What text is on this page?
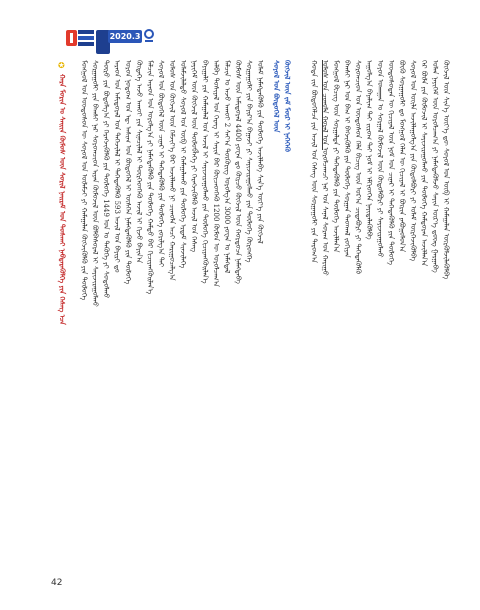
2020.3
✪
ᠬᠠᠷᠠ ᠮᠣᠷᠢᠨ ᠤ ᠰᠠᠢᠢᠨ ᠬᠦᠮᠦᠰ ᠦᠨ ᠰᠣᠷᠢᠯ ᠨᠠᠢᠷᠠᠮ ᠤᠨ ᠲᠤᠰᠬᠠᠢ ᠨᠡᠪᠲᠡᠷᠡᠭᠦᠯᠭᠡ ᠶᠢᠨ ᠬᠡᠰᠡᠭ ᠡᠴᠡ ᠮᠣᠩᠭᠣᠯ ᠤᠨ ᠦᠨᠳᠦᠰᠦᠨ ᠦ ᠰᠣᠶᠣᠯ ᠤᠨ ᠦᠯᠡᠮᠵᠢ ᠶᠢ ᠬᠠᠮᠠᠭᠠᠯᠠᠨ ᠬᠥᠭᠵᠢᠭᠦᠯᠬᠦ ᠶᠢᠨ ᠲᠥᠯᠥᠭᠡ ᠰᠤᠷᠭᠠᠭᠤᠯᠢ ᠶᠢᠨ ᠪᠠᠭᠰᠢ ᠨᠠᠷ ᠰᠤᠷᠤᠭᠴᠢᠳ ᠢᠶᠡᠨ ᠬᠦᠮᠦᠵᠢᠯ ᠦᠨ ᠪᠣᠯᠪᠠᠰᠤᠷᠠᠯ ᠢ ᠰᠠᠶᠢᠵᠢᠷᠠᠭᠤᠯᠬᠤ ᠲᠥᠷᠥ ᠶᠢᠨ ᠪᠣᠳᠣᠯᠭ᠎ᠠ ᠶᠢ ᠬᠡᠷᠡᠭᠵᠢᠭᠦᠯᠬᠦ ᠶᠢᠨ ᠲᠥᠯᠥᠭᠡ 1449 ᠣᠨ ᠤ ᠲᠡᠭᠦᠬᠡ ᠶᠢ ᠰᠤᠳᠤᠯᠬᠤ ᠠᠷᠠᠳ ᠤᠨ ᠠᠮᠢᠳᠤᠷᠠᠯ ᠤᠨ ᠳᠡᠭᠡᠵᠢᠯᠡᠯ ᠢ ᠳᠡᠭᠡᠳᠡᠭᠦᠯᠬᠦ 593 ᠠᠵᠢᠯ ᠤᠨ ᠪᠠᠶᠢᠷᠢ ᠳᠤ ᠣᠷᠣᠨ ᠨᠤᠲᠤᠭ ᠤᠨ ᠡᠳ᠋ ᠠᠰᠢᠭ ᠤᠨ ᠪᠦᠲᠦᠭᠡᠯ ᠢ ᠥᠰᠭᠡᠨ ᠨᠡᠮᠡᠭᠳᠡᠭᠦᠯᠬᠦ ᠶᠢᠨ ᠲᠥᠯᠥᠭᠡ ᠬᠥᠳᠡᠭᠡ ᠠᠵᠤ ᠠᠬᠤᠢ ᠶᠢᠨ ᠰᠢᠨᠡᠴᠢᠯᠡᠯ ᠢ ᠲᠦᠷᠭᠡᠳᠬᠡᠬᠦ ᠠᠵᠢᠯ ᠢ ᠬᠢᠵᠦ ᠪᠠᠶᠢᠨ᠎ᠠ ᠮᠠᠯᠴᠢᠨ ᠠᠷᠠᠳ ᠤᠨ ᠣᠷᠣᠯᠭ᠎ᠠ ᠶᠢ ᠨᠡᠮᠡᠭᠳᠡᠭᠦᠯᠬᠦ ᠶᠢᠨ ᠲᠥᠯᠥᠭᠡ ᠬᠠᠮᠲᠤ ᠪᠡᠷ ᠬᠢᠴᠢᠶᠡᠩᠭᠦᠢᠯᠡᠨ᠎ᠡ ᠰᠣᠶᠣᠯ ᠤᠨ ᠪᠦᠲᠦᠭᠡᠯ ᠦᠨ ᠴᠢᠨᠠᠷ ᠢ ᠳᠡᠭᠡᠳᠡᠭᠦᠯᠬᠦ ᠶᠢᠨ ᠲᠥᠯᠥᠭᠡ ᠵᠣᠷᠢᠯᠭ᠎ᠠ ᠲᠠᠢ ᠤᠯᠤᠰ ᠤᠨ ᠬᠥᠭᠵᠢᠯ ᠦᠨ ᠬᠡᠮᠵᠢᠶ᠎ᠡ ᠪᠡᠷ ᠠᠵᠢᠯᠯᠠᠬᠤ ᠨᠢ ᠴᠢᠬᠤᠯᠠ ᠠᠴᠢ ᠬᠠᠷᠢᠭᠤᠴᠠᠯᠭ᠎ᠠ ᠤᠯᠠᠮᠵᠢᠯᠠᠯᠲᠤ ᠰᠣᠶᠣᠯ ᠤᠨ ᠥᠪ ᠢ ᠬᠠᠮᠠᠭᠠᠯᠠᠬᠤ ᠶᠢᠨ ᠲᠥᠯᠥᠭᠡ ᠡᠷᠳᠡᠮ ᠰᠢᠨᠵᠢᠯᠡᠭᠡ ᠨᠡᠶᠢᠭᠡᠮ ᠦᠨ ᠬᠥᠭᠵᠢᠯ ᠦᠨ ᠲᠥᠯᠥᠪᠯᠡᠭᠡ ᠶᠢ ᠬᠡᠷᠡᠭᠵᠢᠭᠦᠯᠬᠦ ᠠᠵᠢᠯ ᠤᠨ ᠬᠡᠰᠡᠭ ᠪᠠᠶᠢᠭᠠᠯᠢ ᠶᠢᠨ ᠬᠠᠮᠠᠭᠠᠯᠠᠯ ᠤᠨ ᠠᠵᠢᠯ ᠢ ᠰᠠᠶᠢᠵᠢᠷᠠᠭᠤᠯᠬᠤ ᠶᠢᠨ ᠲᠥᠯᠥᠭᠡ ᠬᠢᠴᠢᠶᠡᠩᠭᠦᠢᠯᠡᠨ᠎ᠡ ᠠᠯᠪᠠ ᠲᠤᠰᠢᠶᠠᠯ ᠤᠨ ᠬᠡᠷᠡᠭ ᠢ ᠰᠠᠶᠢᠨ ᠪᠡᠷ ᠬᠦᠢᠴᠡᠳᠭᠡᠬᠦ 1200 ᠬᠦᠮᠦᠨ ᠦ ᠣᠷᠣᠯᠴᠠᠭ᠎ᠠ ᠮᠠᠯᠴᠢᠨ ᠤ ᠠᠵᠤ ᠠᠬᠤᠢ 2 ᠰᠠᠶ᠎ᠠ ᠲᠥᠭᠦᠷᠢᠭ ᠣᠷᠣᠯᠭ᠎ᠠ 3000 ᠶᠤᠸᠠᠨ ᠤ ᠨᠡᠮᠡᠭᠳᠡᠯ ᠬᠦᠮᠦᠰ ᠦᠨ ᠠᠮᠢᠳᠤᠷᠠᠯ 4400 ᠶᠤᠸᠠᠨ ᠳᠤ ᠬᠦᠷᠴᠦ ᠬᠥᠭᠵᠢᠯ ᠦᠨ ᠬᠤᠷᠳᠤᠴᠠ ᠨᠡᠮᠡᠭᠳᠡᠪᠡ ᠰᠤᠷᠭᠠᠭᠤᠯᠢ ᠶᠢᠨ ᠪᠠᠶᠢᠷ᠎ᠠ ᠪᠠᠭᠠᠵᠢ ᠶᠢ ᠰᠠᠶᠢᠵᠢᠷᠠᠭᠤᠯᠬᠤ ᠶᠢᠨ ᠲᠥᠯᠥᠭᠡ ᠬᠥᠷᠥᠩᠭᠡ ᠤᠯᠠᠮ ᠨᠡᠮᠡᠭᠳᠡᠭᠦᠯᠬᠦ ᠶᠢᠨ ᠲᠥᠯᠥᠭᠡ ᠠᠵᠢᠯᠯᠠᠪᠠ ᠰᠢᠨ᠎ᠡ ᠦᠶ᠎ᠡ ᠶᠢᠨ ᠬᠥᠭᠵᠢᠯ ᠰᠣᠶᠣᠯ ᠤᠨ ᠪᠦᠲᠦᠭᠡᠯ ᠦᠨ ᠬᠥᠭᠵᠢᠯ ᠦᠨ ᠵᠠᠮ ᠮᠥᠷ ᠢ ᠨᠡᠭᠡᠭᠡᠬᠦ	ᠬᠣᠲᠠ ᠵᠢᠨ ᠪᠦᠲᠦᠭᠡᠯᠴᠡ ᠶᠢᠨ ᠠᠵᠢᠯ ᠤᠨ ᠬᠡᠰᠡᠭ ᠦᠨ ᠰᠤᠷᠭᠠᠭᠤᠯᠢ ᠶᠢᠨ ᠳᠠᠷᠤᠭ᠎ᠠ ᠤᠯᠤᠰ ᠤᠨ ᠴᠢᠬᠤᠯᠠ ᠬᠤᠷᠠᠯ ᠤᠨ ᠣᠷᠣᠯᠴᠠᠭᠴᠢ ᠨᠠᠷ ᠤᠨ ᠰᠠᠨᠠᠯ ᠰᠤᠷᠠᠭ ᠤᠨ ᠬᠠᠷᠢᠭᠤ ᠮᠣᠩᠭᠣᠯ ᠪᠢᠴᠢᠭ ᠦᠨ ᠰᠤᠷᠭᠠᠯᠲᠠ ᠶᠢ ᠳᠡᠭᠡᠳᠡᠭᠦᠯᠬᠦ ᠶᠢᠨ ᠲᠥᠯᠥᠭᠡ ᠠᠵᠢᠯᠯᠠᠨ᠎ᠠ ᠪᠠᠭᠰᠢ ᠨᠠᠷ ᠤᠨ ᠪᠠᠭ ᠢ ᠪᠡᠬᠵᠢᠭᠦᠯᠬᠦ ᠶᠢᠨ ᠲᠥᠯᠥᠭᠡ ᠰᠤᠷᠭᠠᠨ ᠳᠠᠳᠬᠠᠯ ᠵᠣᠬᠢᠶᠠᠨ ᠰᠤᠷᠤᠭᠴᠢᠳ ᠤᠨ ᠦᠨᠳᠦᠰᠦᠨ ᠬᠡᠯᠡ ᠪᠢᠴᠢᠭ ᠦᠨ ᠤᠷ᠎ᠠ ᠴᠢᠳᠠᠪᠤᠷᠢ ᠶᠢ ᠳᠡᠭᠡᠳᠡᠭᠦᠯᠬᠦ ᠠᠭᠤᠯᠭ᠎ᠠ ᠪᠠᠶᠠᠯᠢᠭ ᠲᠠᠢ ᠵᠢᠷᠤᠭ ᠲᠠᠢ ᠨᠣᠮ ᠢ ᠡᠮᠬᠢᠳᠬᠡᠨ ᠨᠡᠶᠢᠲᠡᠯᠡᠭᠦᠯᠪᠡ ᠣᠶᠤᠨ ᠤᠬᠠᠭᠠᠨ ᠤ ᠰᠤᠷᠭᠠᠯ ᠬᠦᠮᠦᠵᠢᠯ ᠦᠨ ᠬᠥᠲᠦᠯᠪᠦᠷᠢ ᠶᠢ ᠰᠠᠶᠢᠵᠢᠷᠠᠭᠤᠯᠬᠤ ᠦᠨᠳᠦᠰᠦᠲᠡᠨ ᠦ ᠬᠢᠴᠢᠶᠡᠯ ᠦᠨ ᠨᠣᠮ ᠤᠨ ᠴᠢᠨᠠᠷ ᠢ ᠳᠡᠭᠡᠳᠡᠭᠦᠯᠬᠦ ᠶᠢᠨ ᠲᠥᠯᠥᠭᠡ ᠪᠦᠬᠦ ᠰᠤᠷᠭᠠᠭᠤᠯᠢ ᠳᠤ ᠮᠣᠩᠭᠣᠯ ᠬᠡᠯᠡᠨ ᠦ ᠬᠢᠴᠢᠶᠡᠯ ᠢ ᠪᠦᠷᠢᠨ ᠶᠠᠪᠤᠭᠤᠯᠤᠨ᠎ᠠ ᠰᠣᠶᠣᠯ ᠤᠨ ᠦᠢᠯᠡ ᠠᠵᠢᠯᠯᠠᠭᠤᠯᠭ᠎ᠠ ᠶᠢᠨ ᠬᠥᠲᠦᠯᠪᠦᠷᠢ ᠶᠢ ᠤᠯᠠᠮ ᠥᠷᠭᠡᠵᠢᠭᠦᠯᠪᠡ ᠭᠡᠷ ᠪᠦᠯᠡ ᠶᠢᠨ ᠬᠦᠮᠦᠵᠢᠯ ᠢ ᠰᠠᠶᠢᠵᠢᠷᠠᠭᠤᠯᠬᠤ ᠶᠢᠨ ᠲᠥᠯᠥᠭᠡ ᠬᠠᠮᠲᠤᠷᠠᠨ ᠠᠵᠢᠯᠯᠠᠨ᠎ᠠ ᠣᠯᠠᠨ ᠨᠡᠶᠢᠭᠡᠮ ᠦᠨ ᠣᠷᠣᠯᠴᠠᠭ᠎ᠠ ᠶᠢ ᠨᠡᠮᠡᠭᠳᠡᠭᠦᠯᠵᠦ ᠰᠠᠶᠢᠨ ᠦᠷ᠎ᠡ ᠳ᠋ᠦᠩ ᠭᠠᠷᠭᠠᠪᠠ ᠬᠥᠭᠵᠢᠯ ᠦᠨ ᠰᠢᠨ᠎ᠡ ᠦᠶ᠎ᠡ ᠳᠦ ᠰᠣᠶᠣᠯ ᠤᠨ ᠥᠪ ᠢ ᠬᠠᠮᠠᠭᠠᠯᠠᠨ ᠦᠷᠭᠦᠯᠵᠢᠯᠡᠭᠦᠯᠪᠡ
42
